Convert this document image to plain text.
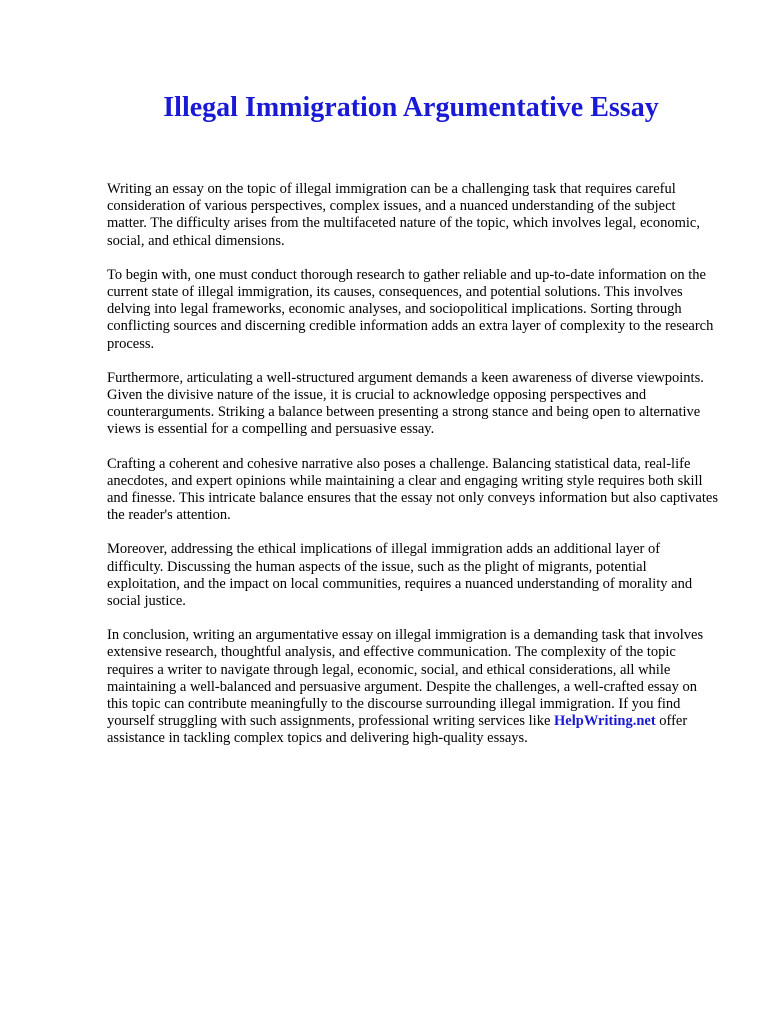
Illegal Immigration Argumentative Essay

Writing an essay on the topic of illegal immigration can be a challenging task that requires careful consideration of various perspectives, complex issues, and a nuanced understanding of the subject matter. The difficulty arises from the multifaceted nature of the topic, which involves legal, economic, social, and ethical dimensions.

To begin with, one must conduct thorough research to gather reliable and up-to-date information on the current state of illegal immigration, its causes, consequences, and potential solutions. This involves delving into legal frameworks, economic analyses, and sociopolitical implications. Sorting through conflicting sources and discerning credible information adds an extra layer of complexity to the research process.

Furthermore, articulating a well-structured argument demands a keen awareness of diverse viewpoints. Given the divisive nature of the issue, it is crucial to acknowledge opposing perspectives and counterarguments. Striking a balance between presenting a strong stance and being open to alternative views is essential for a compelling and persuasive essay.

Crafting a coherent and cohesive narrative also poses a challenge. Balancing statistical data, real-life anecdotes, and expert opinions while maintaining a clear and engaging writing style requires both skill and finesse. This intricate balance ensures that the essay not only conveys information but also captivates the reader's attention.

Moreover, addressing the ethical implications of illegal immigration adds an additional layer of difficulty. Discussing the human aspects of the issue, such as the plight of migrants, potential exploitation, and the impact on local communities, requires a nuanced understanding of morality and social justice.

In conclusion, writing an argumentative essay on illegal immigration is a demanding task that involves extensive research, thoughtful analysis, and effective communication. The complexity of the topic requires a writer to navigate through legal, economic, social, and ethical considerations, all while maintaining a well-balanced and persuasive argument. Despite the challenges, a well-crafted essay on this topic can contribute meaningfully to the discourse surrounding illegal immigration. If you find yourself struggling with such assignments, professional writing services like HelpWriting.net offer assistance in tackling complex topics and delivering high-quality essays.
